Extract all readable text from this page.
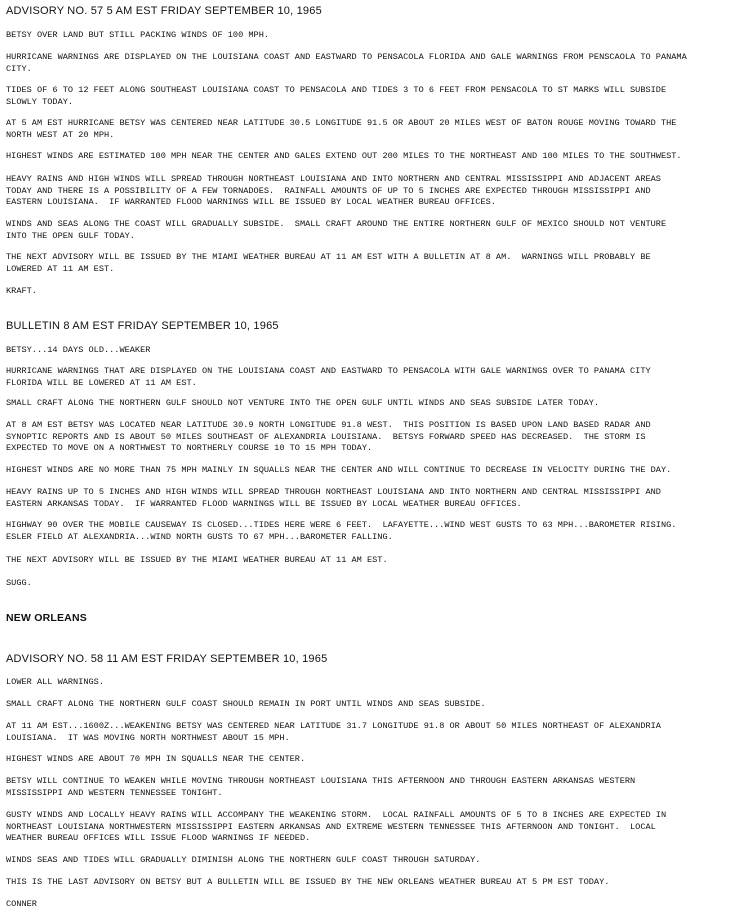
ADVISORY NO. 57 5 AM EST FRIDAY SEPTEMBER 10, 1965

BETSY OVER LAND BUT STILL PACKING WINDS OF 100 MPH.

HURRICANE WARNINGS ARE DISPLAYED ON THE LOUISIANA COAST AND EASTWARD TO PENSACOLA FLORIDA AND GALE WARNINGS FROM PENSCAOLA TO PANAMA
CITY.

TIDES OF 6 TO 12 FEET ALONG SOUTHEAST LOUISIANA COAST TO PENSACOLA AND TIDES 3 TO 6 FEET FROM PENSACOLA TO ST MARKS WILL SUBSIDE
SLOWLY TODAY.

AT 5 AM EST HURRICANE BETSY WAS CENTERED NEAR LATITUDE 30.5 LONGITUDE 91.5 OR ABOUT 20 MILES WEST OF BATON ROUGE MOVING TOWARD THE
NORTH WEST AT 20 MPH.

HIGHEST WINDS ARE ESTIMATED 100 MPH NEAR THE CENTER AND GALES EXTEND OUT 200 MILES TO THE NORTHEAST AND 100 MILES TO THE SOUTHWEST.

HEAVY RAINS AND HIGH WINDS WILL SPREAD THROUGH NORTHEAST LOUISIANA AND INTO NORTHERN AND CENTRAL MISSISSIPPI AND ADJACENT AREAS
TODAY AND THERE IS A POSSIBILITY OF A FEW TORNADOES.  RAINFALL AMOUNTS OF UP TO 5 INCHES ARE EXPECTED THROUGH MISSISSIPPI AND
EASTERN LOUISIANA.  IF WARRANTED FLOOD WARNINGS WILL BE ISSUED BY LOCAL WEATHER BUREAU OFFICES.

WINDS AND SEAS ALONG THE COAST WILL GRADUALLY SUBSIDE.  SMALL CRAFT AROUND THE ENTIRE NORTHERN GULF OF MEXICO SHOULD NOT VENTURE
INTO THE OPEN GULF TODAY.

THE NEXT ADVISORY WILL BE ISSUED BY THE MIAMI WEATHER BUREAU AT 11 AM EST WITH A BULLETIN AT 8 AM.  WARNINGS WILL PROBABLY BE
LOWERED AT 11 AM EST.

KRAFT.

BULLETIN 8 AM EST FRIDAY SEPTEMBER 10, 1965

BETSY...14 DAYS OLD...WEAKER

HURRICANE WARNINGS THAT ARE DISPLAYED ON THE LOUISIANA COAST AND EASTWARD TO PENSACOLA WITH GALE WARNINGS OVER TO PANAMA CITY
FLORIDA WILL BE LOWERED AT 11 AM EST.

SMALL CRAFT ALONG THE NORTHERN GULF SHOULD NOT VENTURE INTO THE OPEN GULF UNTIL WINDS AND SEAS SUBSIDE LATER TODAY.

AT 8 AM EST BETSY WAS LOCATED NEAR LATITUDE 30.9 NORTH LONGITUDE 91.8 WEST.  THIS POSITION IS BASED UPON LAND BASED RADAR AND
SYNOPTIC REPORTS AND IS ABOUT 50 MILES SOUTHEAST OF ALEXANDRIA LOUISIANA.  BETSYS FORWARD SPEED HAS DECREASED.  THE STORM IS
EXPECTED TO MOVE ON A NORTHWEST TO NORTHERLY COURSE 10 TO 15 MPH TODAY.

HIGHEST WINDS ARE NO MORE THAN 75 MPH MAINLY IN SQUALLS NEAR THE CENTER AND WILL CONTINUE TO DECREASE IN VELOCITY DURING THE DAY.

HEAVY RAINS UP TO 5 INCHES AND HIGH WINDS WILL SPREAD THROUGH NORTHEAST LOUISIANA AND INTO NORTHERN AND CENTRAL MISSISSIPPI AND
EASTERN ARKANSAS TODAY.  IF WARRANTED FLOOD WARNINGS WILL BE ISSUED BY LOCAL WEATHER BUREAU OFFICES.

HIGHWAY 90 OVER THE MOBILE CAUSEWAY IS CLOSED...TIDES HERE WERE 6 FEET.  LAFAYETTE...WIND WEST GUSTS TO 63 MPH...BAROMETER RISING.
ESLER FIELD AT ALEXANDRIA...WIND NORTH GUSTS TO 67 MPH...BAROMETER FALLING.

THE NEXT ADVISORY WILL BE ISSUED BY THE MIAMI WEATHER BUREAU AT 11 AM EST.

SUGG.

NEW ORLEANS
ADVISORY NO. 58 11 AM EST FRIDAY SEPTEMBER 10, 1965

LOWER ALL WARNINGS.

SMALL CRAFT ALONG THE NORTHERN GULF COAST SHOULD REMAIN IN PORT UNTIL WINDS AND SEAS SUBSIDE.

AT 11 AM EST...1600Z...WEAKENING BETSY WAS CENTERED NEAR LATITUDE 31.7 LONGITUDE 91.8 OR ABOUT 50 MILES NORTHEAST OF ALEXANDRIA
LOUISIANA.  IT WAS MOVING NORTH NORTHWEST ABOUT 15 MPH.

HIGHEST WINDS ARE ABOUT 70 MPH IN SQUALLS NEAR THE CENTER.

BETSY WILL CONTINUE TO WEAKEN WHILE MOVING THROUGH NORTHEAST LOUISIANA THIS AFTERNOON AND THROUGH EASTERN ARKANSAS WESTERN
MISSISSIPPI AND WESTERN TENNESSEE TONIGHT.

GUSTY WINDS AND LOCALLY HEAVY RAINS WILL ACCOMPANY THE WEAKENING STORM.  LOCAL RAINFALL AMOUNTS OF 5 TO 8 INCHES ARE EXPECTED IN
NORTHEAST LOUISIANA NORTHWESTERN MISSISSIPPI EASTERN ARKANSAS AND EXTREME WESTERN TENNESSEE THIS AFTERNOON AND TONIGHT.  LOCAL
WEATHER BUREAU OFFICES WILL ISSUE FLOOD WARNINGS IF NEEDED.

WINDS SEAS AND TIDES WILL GRADUALLY DIMINISH ALONG THE NORTHERN GULF COAST THROUGH SATURDAY.

THIS IS THE LAST ADVISORY ON BETSY BUT A BULLETIN WILL BE ISSUED BY THE NEW ORLEANS WEATHER BUREAU AT 5 PM EST TODAY.

CONNER
